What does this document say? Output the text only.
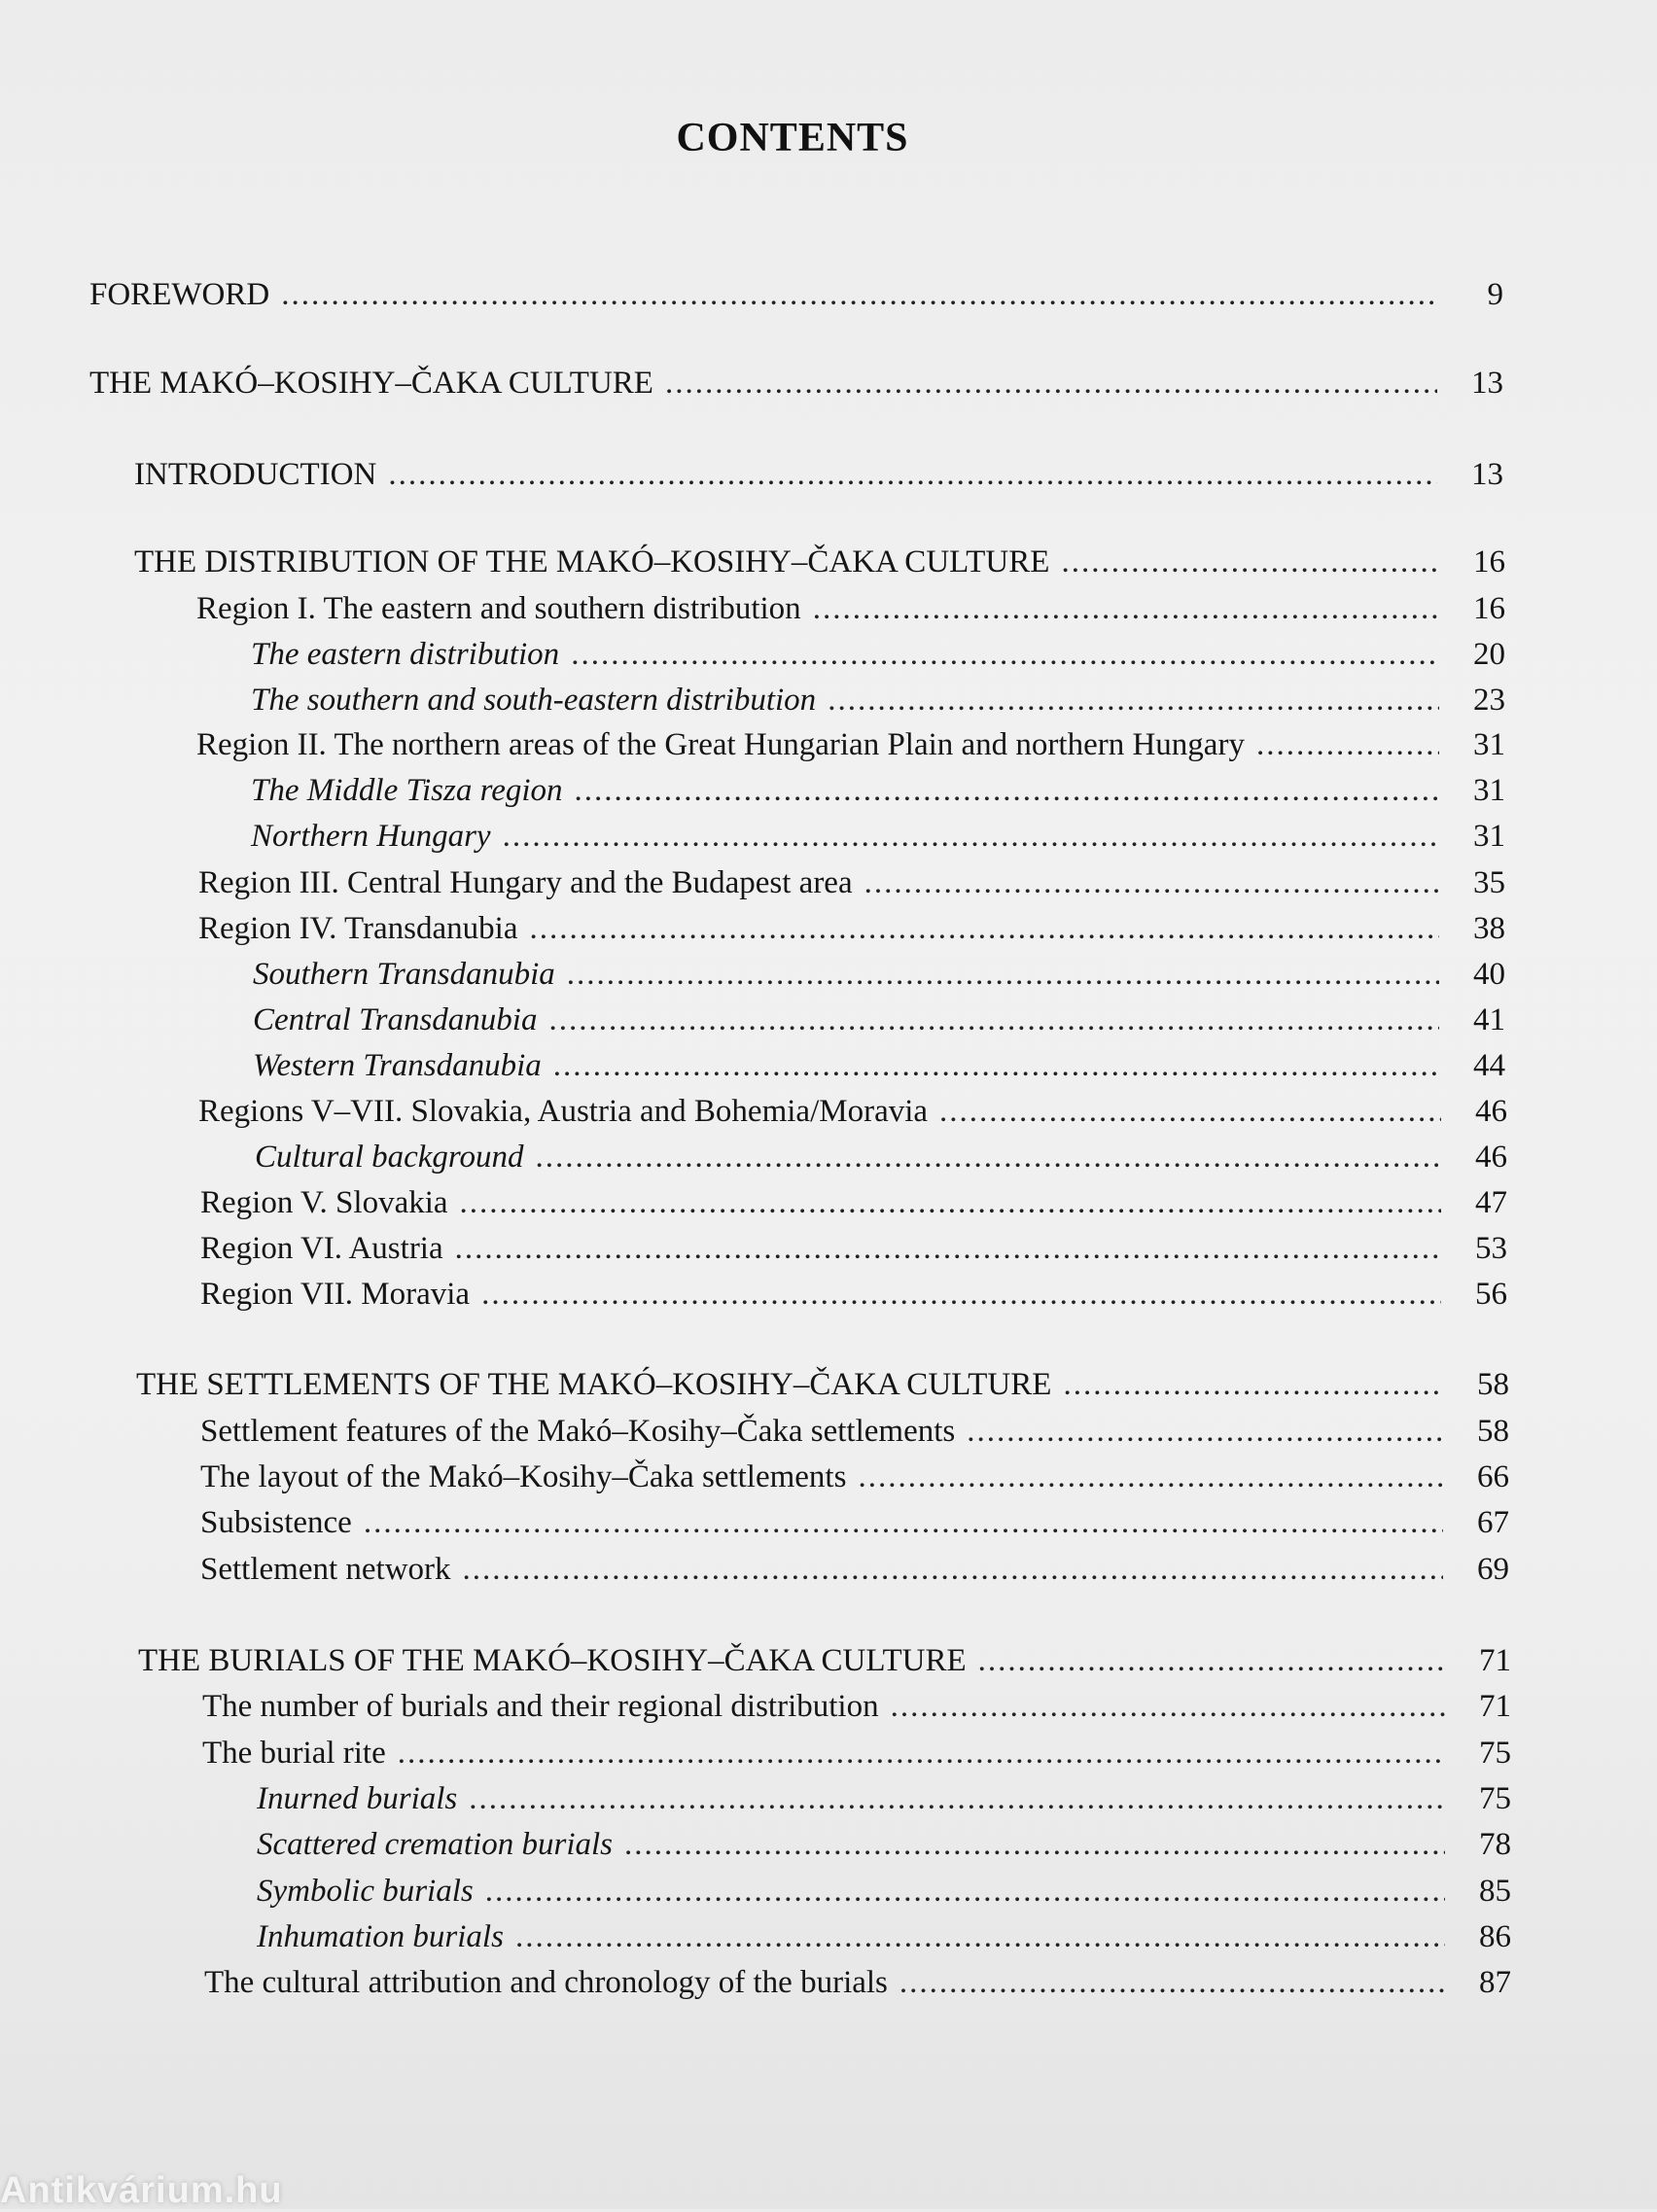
CONTENTS
FOREWORD .....	9
THE MAKÓ–KOSIHY–ČAKA CULTURE .....	13
INTRODUCTION .....	13
THE DISTRIBUTION OF THE MAKÓ–KOSIHY–ČAKA CULTURE .....	16
Region I. The eastern and southern distribution .....	16
The eastern distribution .....	20
The southern and south-eastern distribution .....	23
Region II. The northern areas of the Great Hungarian Plain and northern Hungary .....	31
The Middle Tisza region .....	31
Northern Hungary .....	31
Region III. Central Hungary and the Budapest area .....	35
Region IV. Transdanubia .....	38
Southern Transdanubia .....	40
Central Transdanubia .....	41
Western Transdanubia .....	44
Regions V–VII. Slovakia, Austria and Bohemia/Moravia .....	46
Cultural background .....	46
Region V. Slovakia .....	47
Region VI. Austria .....	53
Region VII. Moravia .....	56
THE SETTLEMENTS OF THE MAKÓ–KOSIHY–ČAKA CULTURE .....	58
Settlement features of the Makó–Kosihy–Čaka settlements .....	58
The layout of the Makó–Kosihy–Čaka settlements .....	66
Subsistence .....	67
Settlement network .....	69
THE BURIALS OF THE MAKÓ–KOSIHY–ČAKA CULTURE .....	71
The number of burials and their regional distribution .....	71
The burial rite .....	75
Inurned burials .....	75
Scattered cremation burials .....	78
Symbolic burials .....	85
Inhumation burials .....	86
The cultural attribution and chronology of the burials .....	87
Antikvárium.hu
